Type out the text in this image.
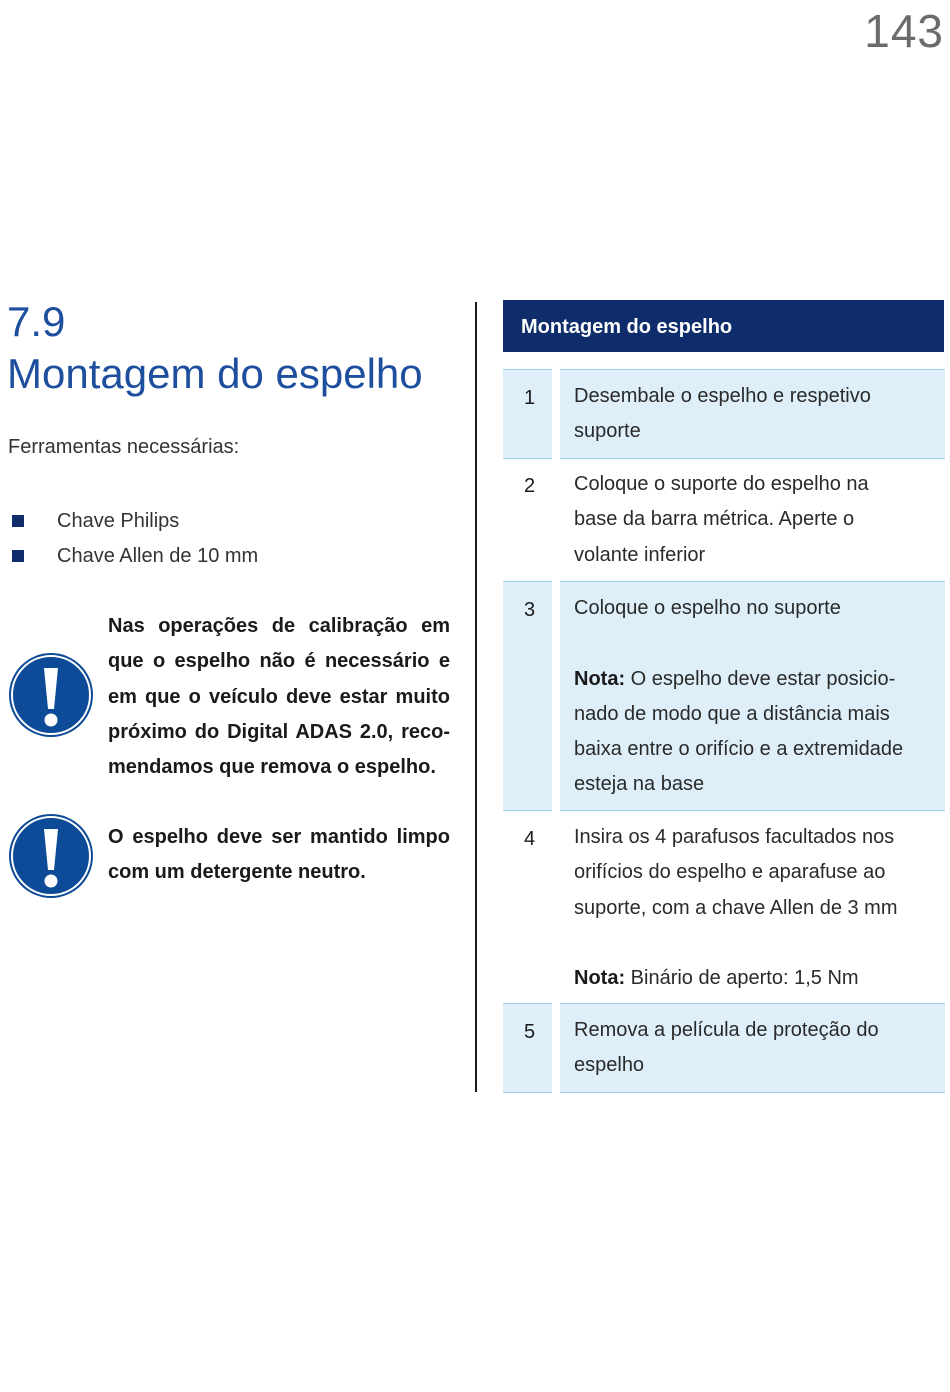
143
7.9
Montagem do espelho
Ferramentas necessárias:
Chave Philips
Chave Allen de 10 mm
Nas operações de calibração em
que o espelho não é necessário e
em que o veículo deve estar muito
próximo do Digital ADAS 2.0, reco-
mendamos que remova o espelho.
O espelho deve ser mantido limpo
com um detergente neutro.
Montagem do espelho
1 Desembale o espelho e respetivo
suporte
2 Coloque o suporte do espelho na
base da barra métrica. Aperte o
volante inferior
3 Coloque o espelho no suporte
Nota: O espelho deve estar posicio-
nado de modo que a distância mais
baixa entre o orifício e a extremidade
esteja na base
4 Insira os 4 parafusos facultados nos
orifícios do espelho e aparafuse ao
suporte, com a chave Allen de 3 mm
Nota: Binário de aperto: 1,5 Nm
5 Remova a película de proteção do
espelho
